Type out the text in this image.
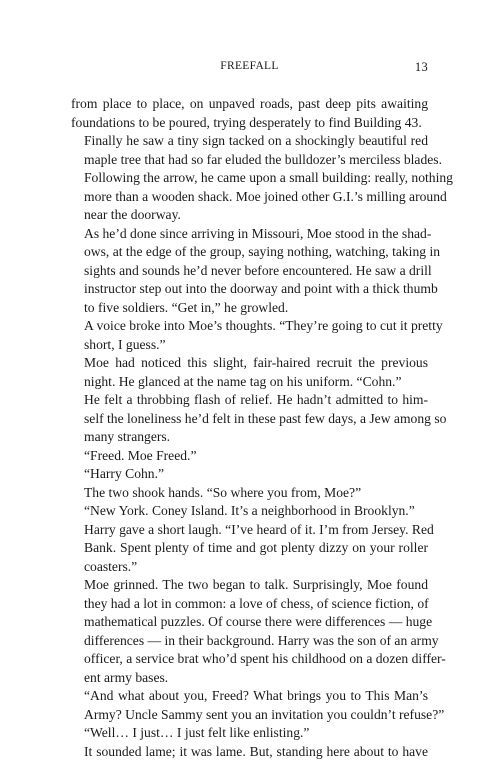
FREEFALL	13

from place to place, on unpaved roads, past deep pits awaiting
foundations to be poured, trying desperately to find Building 43.

Finally he saw a tiny sign tacked on a shockingly beautiful red
maple tree that had so far eluded the bulldozer’s merciless blades.
Following the arrow, he came upon a small building: really, nothing
more than a wooden shack. Moe joined other G.I.’s milling around
near the doorway.

As he’d done since arriving in Missouri, Moe stood in the shad-
ows, at the edge of the group, saying nothing, watching, taking in
sights and sounds he’d never before encountered. He saw a drill
instructor step out into the doorway and point with a thick thumb
to five soldiers. “Get in,” he growled.

A voice broke into Moe’s thoughts. “They’re going to cut it pretty
short, I guess.”

Moe had noticed this slight, fair-haired recruit the previous
night. He glanced at the name tag on his uniform. “Cohn.”

He felt a throbbing flash of relief. He hadn’t admitted to him-
self the loneliness he’d felt in these past few days, a Jew among so
many strangers.

“Freed. Moe Freed.”

“Harry Cohn.”

The two shook hands. “So where you from, Moe?”

“New York. Coney Island. It’s a neighborhood in Brooklyn.”

Harry gave a short laugh. “I’ve heard of it. I’m from Jersey. Red
Bank. Spent plenty of time and got plenty dizzy on your roller
coasters.”

Moe grinned. The two began to talk. Surprisingly, Moe found
they had a lot in common: a love of chess, of science fiction, of
mathematical puzzles. Of course there were differences — huge
differences — in their background. Harry was the son of an army
officer, a service brat who’d spent his childhood on a dozen differ-
ent army bases.

“And what about you, Freed? What brings you to This Man’s
Army? Uncle Sammy sent you an invitation you couldn’t refuse?”

“Well… I just… I just felt like enlisting.”

It sounded lame; it was lame. But, standing here about to have
